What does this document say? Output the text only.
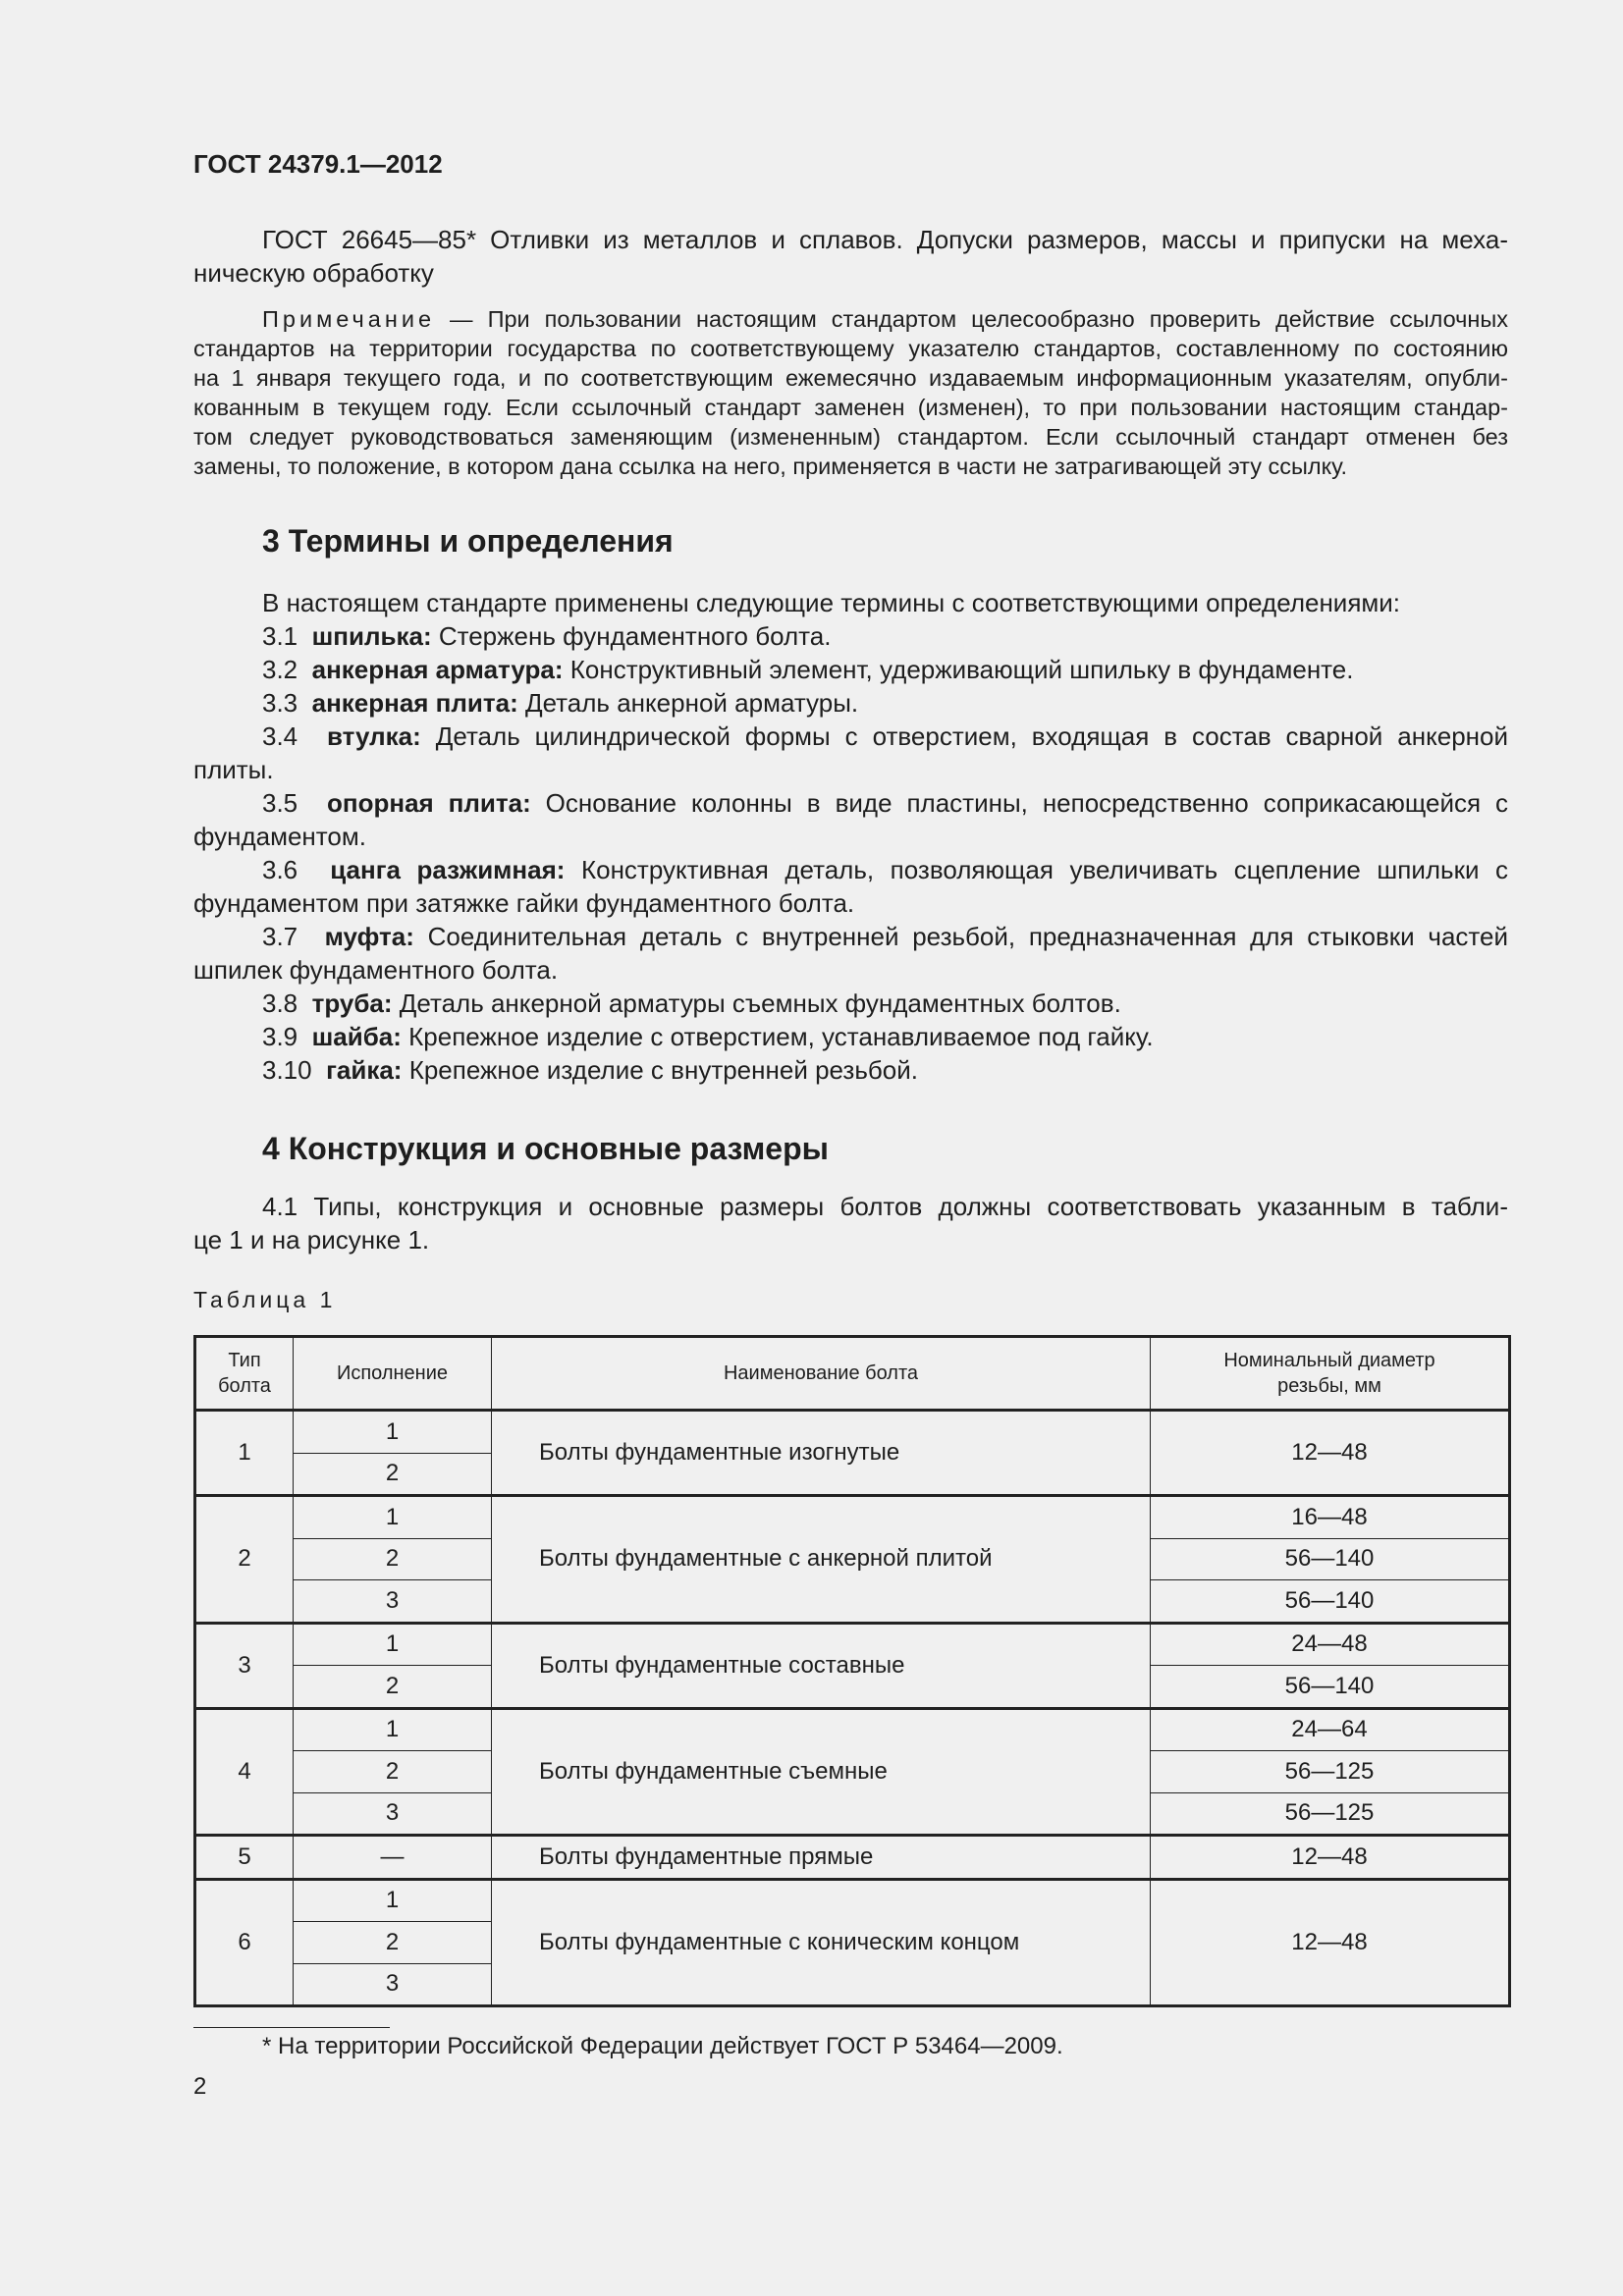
ГОСТ 24379.1—2012
ГОСТ 26645—85* Отливки из металлов и сплавов. Допуски размеров, массы и припуски на меха-
ническую обработку
Примечание — При пользовании настоящим стандартом целесообразно проверить действие ссылочных
стандартов на территории государства по соответствующему указателю стандартов, составленному по состоянию
на 1 января текущего года, и по соответствующим ежемесячно издаваемым информационным указателям, опубли-
кованным в текущем году. Если ссылочный стандарт заменен (изменен), то при пользовании настоящим стандар-
том следует руководствоваться заменяющим (измененным) стандартом. Если ссылочный стандарт отменен без
замены, то положение, в котором дана ссылка на него, применяется в части не затрагивающей эту ссылку.
3 Термины и определения
В настоящем стандарте применены следующие термины с соответствующими определениями:
3.1 шпилька: Стержень фундаментного болта.
3.2 анкерная арматура: Конструктивный элемент, удерживающий шпильку в фундаменте.
3.3 анкерная плита: Деталь анкерной арматуры.
3.4 втулка: Деталь цилиндрической формы с отверстием, входящая в состав сварной анкерной
плиты.
3.5 опорная плита: Основание колонны в виде пластины, непосредственно соприкасающейся с
фундаментом.
3.6 цанга разжимная: Конструктивная деталь, позволяющая увеличивать сцепление шпильки с
фундаментом при затяжке гайки фундаментного болта.
3.7 муфта: Соединительная деталь с внутренней резьбой, предназначенная для стыковки частей
шпилек фундаментного болта.
3.8 труба: Деталь анкерной арматуры съемных фундаментных болтов.
3.9 шайба: Крепежное изделие с отверстием, устанавливаемое под гайку.
3.10 гайка: Крепежное изделие с внутренней резьбой.
4 Конструкция и основные размеры
4.1 Типы, конструкция и основные размеры болтов должны соответствовать указанным в табли-
це 1 и на рисунке 1.
Таблица 1
Тип
болта	Исполнение	Наименование болта	Номинальный диаметр
резьбы, мм
1	1	Болты фундаментные изогнутые	12—48
	2		
2	1	Болты фундаментные с анкерной плитой	16—48
	2		56—140
	3		56—140
3	1	Болты фундаментные составные	24—48
	2		56—140
4	1	Болты фундаментные съемные	24—64
	2		56—125
	3		56—125
5	—	Болты фундаментные прямые	12—48
6	1	Болты фундаментные с коническим концом	12—48
	2		
	3		
* На территории Российской Федерации действует ГОСТ Р 53464—2009.
2
